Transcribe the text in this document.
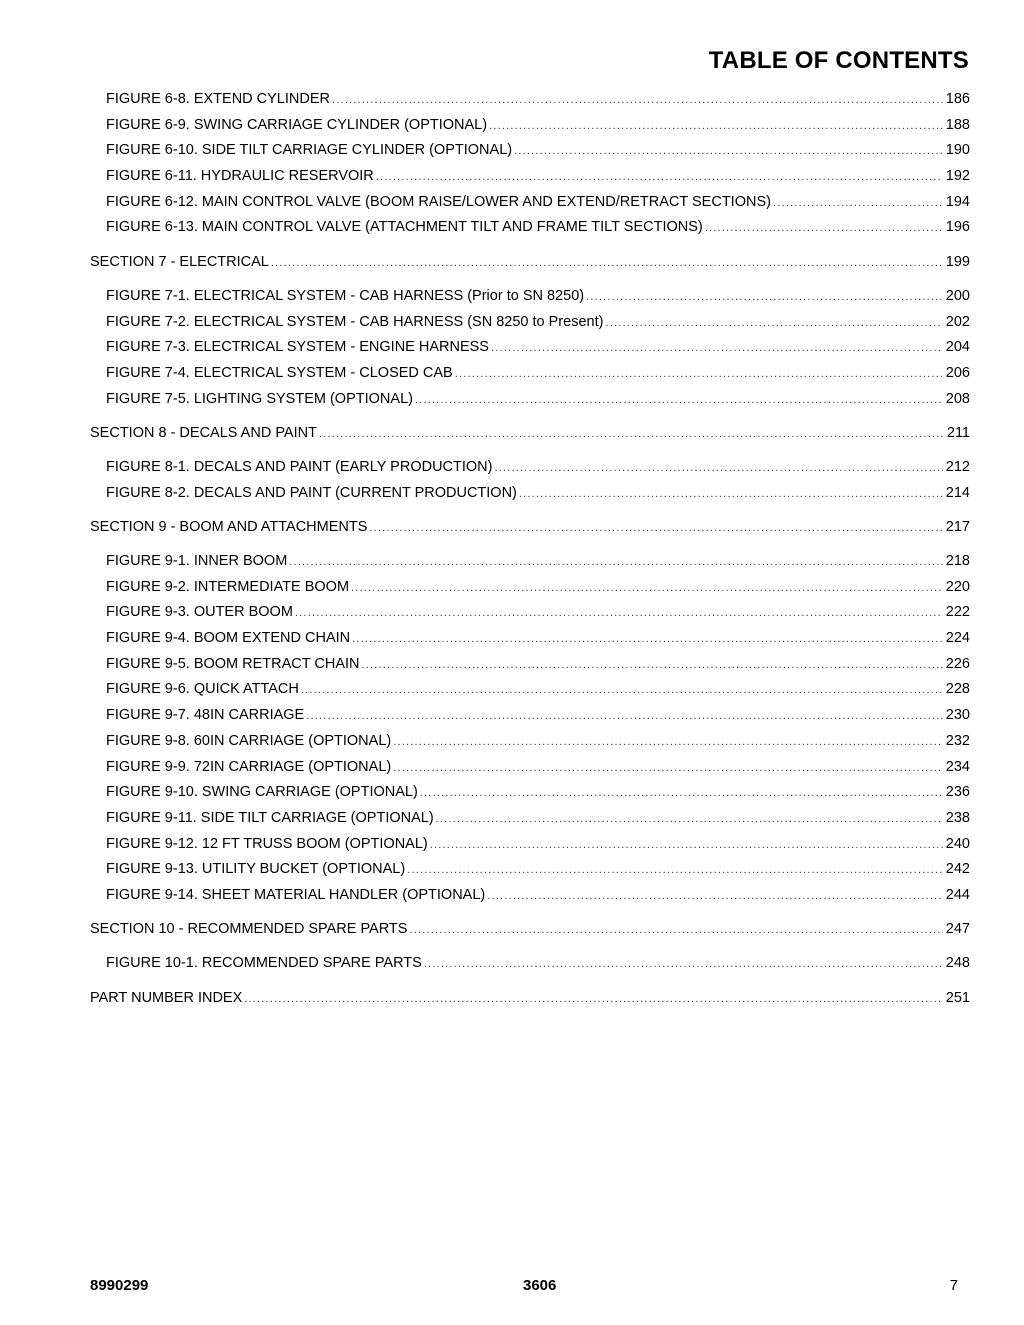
TABLE OF CONTENTS
FIGURE 6-8. EXTEND CYLINDER .....	186
FIGURE 6-9. SWING CARRIAGE CYLINDER (OPTIONAL) .....	188
FIGURE 6-10. SIDE TILT CARRIAGE CYLINDER (OPTIONAL) .....	190
FIGURE 6-11. HYDRAULIC RESERVOIR .....	192
FIGURE 6-12. MAIN CONTROL VALVE (BOOM RAISE/LOWER AND EXTEND/RETRACT SECTIONS) .....	194
FIGURE 6-13. MAIN CONTROL VALVE (ATTACHMENT TILT AND FRAME TILT SECTIONS) .....	196
SECTION 7 - ELECTRICAL .....	199
FIGURE 7-1. ELECTRICAL SYSTEM - CAB HARNESS (Prior to SN 8250) .....	200
FIGURE 7-2. ELECTRICAL SYSTEM - CAB HARNESS (SN 8250 to Present) .....	202
FIGURE 7-3. ELECTRICAL SYSTEM - ENGINE HARNESS .....	204
FIGURE 7-4. ELECTRICAL SYSTEM - CLOSED CAB .....	206
FIGURE 7-5. LIGHTING SYSTEM (OPTIONAL) .....	208
SECTION 8 - DECALS AND PAINT .....	211
FIGURE 8-1. DECALS AND PAINT (EARLY PRODUCTION) .....	212
FIGURE 8-2. DECALS AND PAINT (CURRENT PRODUCTION) .....	214
SECTION 9 - BOOM AND ATTACHMENTS .....	217
FIGURE 9-1. INNER BOOM .....	218
FIGURE 9-2. INTERMEDIATE BOOM .....	220
FIGURE 9-3. OUTER BOOM .....	222
FIGURE 9-4. BOOM EXTEND CHAIN .....	224
FIGURE 9-5. BOOM RETRACT CHAIN .....	226
FIGURE 9-6. QUICK ATTACH .....	228
FIGURE 9-7. 48IN CARRIAGE .....	230
FIGURE 9-8. 60IN CARRIAGE (OPTIONAL) .....	232
FIGURE 9-9. 72IN CARRIAGE (OPTIONAL) .....	234
FIGURE 9-10. SWING CARRIAGE (OPTIONAL) .....	236
FIGURE 9-11. SIDE TILT CARRIAGE (OPTIONAL) .....	238
FIGURE 9-12. 12 FT TRUSS BOOM (OPTIONAL) .....	240
FIGURE 9-13. UTILITY BUCKET (OPTIONAL) .....	242
FIGURE 9-14. SHEET MATERIAL HANDLER (OPTIONAL) .....	244
SECTION 10 - RECOMMENDED SPARE PARTS .....	247
FIGURE 10-1. RECOMMENDED SPARE PARTS .....	248
PART NUMBER INDEX .....	251
8990299	3606	7
